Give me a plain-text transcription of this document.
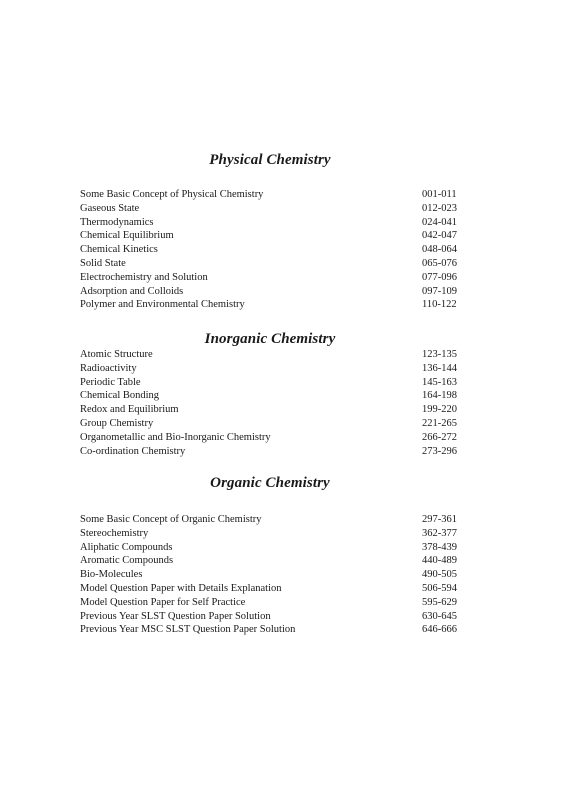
Physical Chemistry
Some Basic Concept of Physical Chemistry	001-011
Gaseous State	012-023
Thermodynamics	024-041
Chemical Equilibrium	042-047
Chemical Kinetics	048-064
Solid State	065-076
Electrochemistry and Solution	077-096
Adsorption and Colloids	097-109
Polymer and Environmental Chemistry	110-122
Inorganic Chemistry
Atomic Structure	123-135
Radioactivity	136-144
Periodic Table	145-163
Chemical Bonding	164-198
Redox and Equilibrium	199-220
Group Chemistry	221-265
Organometallic and Bio-Inorganic Chemistry	266-272
Co-ordination Chemistry	273-296
Organic Chemistry
Some Basic Concept of Organic Chemistry	297-361
Stereochemistry	362-377
Aliphatic Compounds	378-439
Aromatic Compounds	440-489
Bio-Molecules	490-505
Model Question Paper with Details Explanation	506-594
Model Question Paper for Self Practice	595-629
Previous Year SLST Question Paper Solution	630-645
Previous Year MSC SLST Question Paper Solution	646-666
